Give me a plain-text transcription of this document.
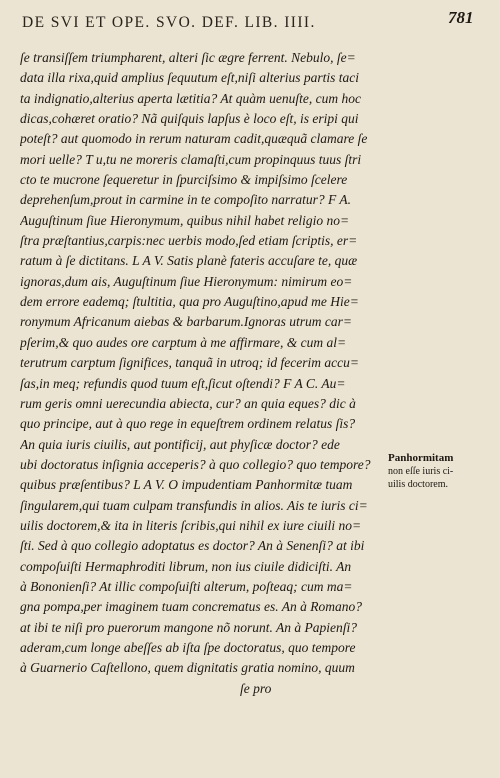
DE SVI ET OPE. SVO. DEF. LIB. IIII.	781
ſe transiſſem triumpharent, alteri ſic ægre ferrent. Nebulo, ſe=
data illa rixa,quid amplius ſequutum eſt,niſi alterius partis taci
ta indignatio,alterius aperta lætitia? At quàm uenuſte, cum hoc
dicas,cohæret oratio? Nã quiſquis lapſus è loco eſt, is eripi qui
poteſt? aut quomodo in rerum naturam cadit,quæquã clamare ſe
mori uelle? T u,tu ne moreris clamaſti,cum propinquus tuus ſtri
cto te mucrone ſequeretur in ſpurciſsimo & impiſsimo ſcelere
deprehenſum,prout in carmine in te compoſito narratur? F A.
Auguſtinum ſiue Hieronymum, quibus nihil habet religio no=
ſtra præſtantius,carpis:nec uerbis modo,ſed etiam ſcriptis, er=
ratum à ſe dictitans. L A V. Satis planè fateris accuſare te, quæ
ignoras,dum ais, Auguſtinum ſiue Hieronymum: nimirum eo=
dem errore eademq; ſtultitia, qua pro Auguſtino,apud me Hie=
ronymum Africanum aiebas & barbarum.Ignoras utrum car=
pſerim,& quo audes ore carptum à me affirmare, & cum al=
terutrum carptum ſignifices, tanquã in utroq; id fecerim accu=
ſas,in meq; refundis quod tuum eſt,ſicut oſtendi? F A C. Au=
rum geris omni uerecundia abiecta, cur? an quia eques? dic à
quo principe, aut à quo rege in equeſtrem ordinem relatus ſis?
An quia iuris ciuilis, aut pontificij, aut phyſicæ doctor? ede
ubi doctoratus inſignia acceperis? à quo collegio? quo tempore?
quibus præſentibus? L A V. O impudentiam Panhormitæ tuam
ſingularem,qui tuam culpam transfundis in alios. Ais te iuris ci=
uilis doctorem,& ita in literis ſcribis,qui nihil ex iure ciuili no=
ſti. Sed à quo collegio adoptatus es doctor? An à Senenſi? at ibi
compoſuiſti Hermaphroditi librum, non ius ciuile didiciſti. An
à Bononienſi? At illic compoſuiſti alterum, poſteaq; cum ma=
gna pompa,per imaginem tuam concrematus es. An à Romano?
at ibi te niſi pro puerorum mangone nõ norunt. An à Papienſi?
aderam,cum longe abeſſes ab iſta ſpe doctoratus, quo tempore
à Guarnerio Caſtellono, quem dignitatis gratia nomino, quum
ſe pro
Panhormitam
non eſſe iuris ci-
uilis doctorem.
